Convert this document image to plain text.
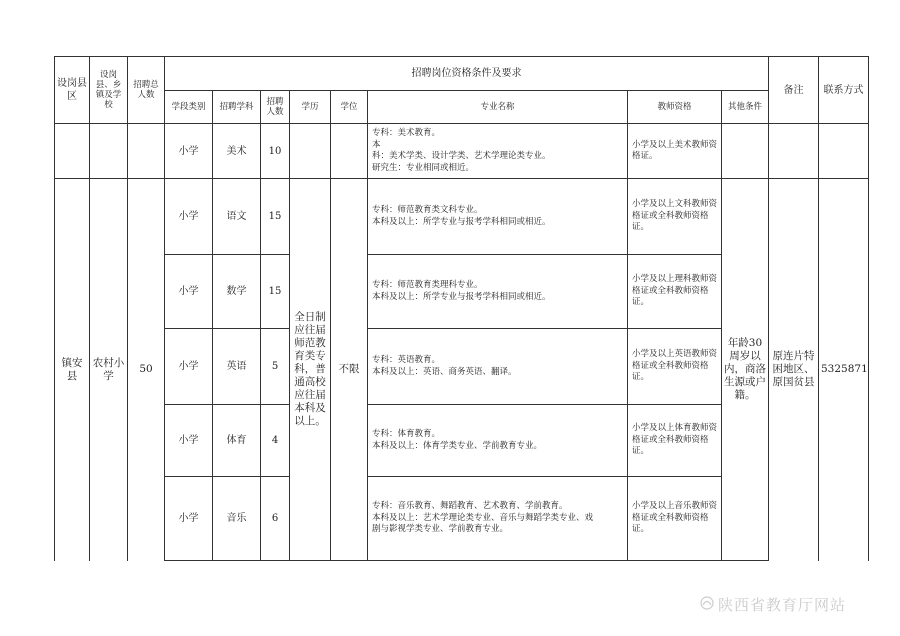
设岗县区	设岗县、乡镇及学校	招聘总人数	招聘岗位资格条件及要求								备注	联系方式
			学段类别	招聘学科	招聘人数	学历	学位	专业名称	教师资格	其他条件		
			小学	美术	10			专科：美术教育。　　　　　　　　　　　　　　　　　　　　　　本
科：美术学类、设计学类、艺术学理论类专业。
研究生：专业相同或相近。	小学及以上美术教师资格证。			
镇安县	农村小学	50	小学	语文	15	全日制应往届师范教育类专科，普通高校应往届本科及以上。	不限	专科：师范教育类文科专业。
本科及以上：所学专业与报考学科相同或相近。	小学及以上文科教师资格证或全科教师资格证。	年龄30周岁以内，商洛生源或户籍。	原连片特困地区、原国贫县	5325871
			小学	数学	15			专科：师范教育类理科专业。
本科及以上：所学专业与报考学科相同或相近。	小学及以上理科教师资格证或全科教师资格证。			
			小学	英语	5			专科：英语教育。
本科及以上：英语、商务英语、翻译。	小学及以上英语教师资格证或全科教师资格证。			
			小学	体育	4			专科：体育教育。
本科及以上：体育学类专业、学前教育专业。	小学及以上体育教师资格证或全科教师资格证。			
			小学	音乐	6			专科：音乐教育、舞蹈教育、艺术教育、学前教育。
本科及以上：艺术学理论类专业、音乐与舞蹈学类专业、戏
剧与影视学类专业、学前教育专业。	小学及以上音乐教师资格证或全科教师资格证。			
陕西省教育厅网站
